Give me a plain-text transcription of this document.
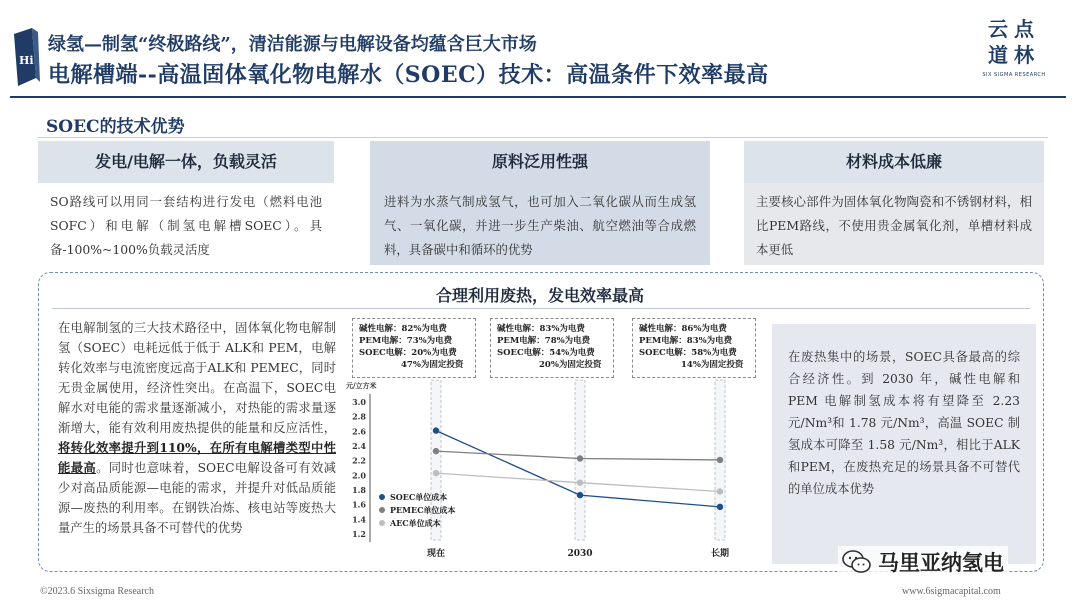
Hi
绿氢—制氢“终极路线”，清洁能源与电解设备均蕴含巨大市场
电解槽端--高温固体氧化物电解水（SOEC）技术：高温条件下效率最高
云点道林
SIX SIGMA RESEARCH
SOEC的技术优势
发电/电解一体，负载灵活
SO路线可以用同一套结构进行发电（燃料电池SOFC）和电解（制氢电解槽SOEC）。具备-100%~100%负载灵活度
原料泛用性强
进料为水蒸气制成氢气，也可加入二氧化碳从而生成氢气、一氧化碳，并进一步生产柴油、航空燃油等合成燃料，具备碳中和循环的优势
材料成本低廉
主要核心部件为固体氧化物陶瓷和不锈钢材料，相比PEM路线，不使用贵金属氧化剂，单槽材料成本更低
合理利用废热，发电效率最高
在电解制氢的三大技术路径中，固体氧化物电解制氢（SOEC）电耗远低于低于 ALK和 PEM，电解转化效率与电流密度远高于ALK和 PEMEC，同时无贵金属使用，经济性突出。在高温下，SOEC电解水对电能的需求量逐渐减小，对热能的需求量逐渐增大，能有效利用废热提供的能量和反应活性，将转化效率提升到110%，在所有电解槽类型中性能最高。同时也意味着，SOEC电解设备可有效减少对高品质能源—电能的需求，并提升对低品质能源—废热的利用率。在钢铁冶炼、核电站等废热大量产生的场景具备不可替代的优势
在废热集中的场景，SOEC具备最高的综合经济性。到 2030 年，碱性电解和 PEM 电解制氢成本将有望降至 2.23 元/Nm³和 1.78 元/Nm³，高温 SOEC 制氢成本可降至 1.58 元/Nm³，相比于ALK和PEM，在废热充足的场景具备不可替代的单位成本优势
元/立方米
3.0
2.8
2.6
2.4
2.2
2.0
1.8
1.6
1.4
1.2
现在	2030	长期
SOEC单位成本
PEMEC单位成本
AEC单位成本
碱性电解：82%为电费
PEM电解：73%为电费
SOEC电解：20%为电费
47%为固定投资
碱性电解：83%为电费
PEM电解：78%为电费
SOEC电解：54%为电费
20%为固定投资
碱性电解：86%为电费
PEM电解：83%为电费
SOEC电解：58%为电费
14%为固定投资
©2023.6 Sixsigma Research	www.6sigmacapital.com
马里亚纳氢电
